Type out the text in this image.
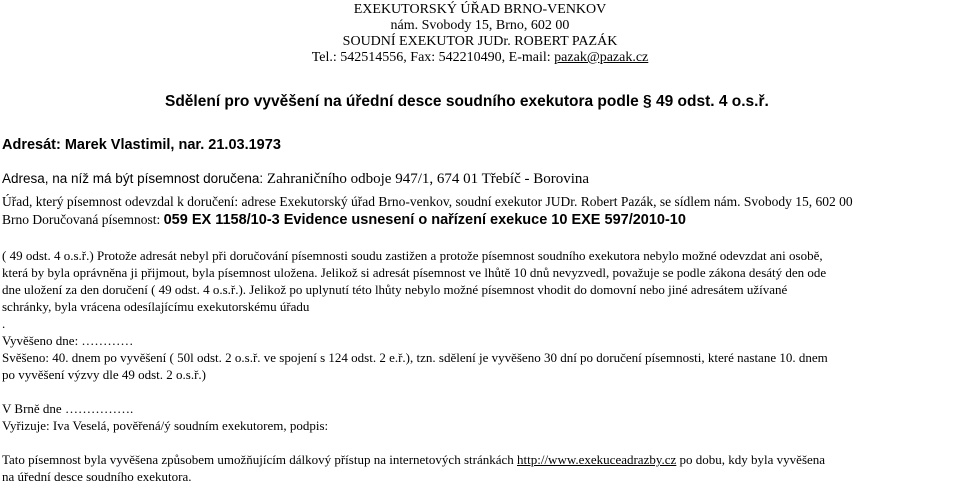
EXEKUTORSKÝ ÚŘAD BRNO-VENKOV
nám. Svobody 15, Brno, 602 00
SOUDNÍ EXEKUTOR JUDr. ROBERT PAZÁK
Tel.: 542514556, Fax: 542210490, E-mail: pazak@pazak.cz
Sdělení pro vyvěšení na úřední desce soudního exekutora podle § 49 odst. 4 o.s.ř.
Adresát: Marek Vlastimil, nar. 21.03.1973
Adresa, na níž má být písemnost doručena: Zahraničního odboje 947/1, 674 01 Třebíč - Borovina
Úřad, který písemnost odevzdal k doručení: adrese Exekutorský úřad Brno-venkov, soudní exekutor JUDr. Robert Pazák, se sídlem nám. Svobody 15, 602 00
Brno Doručovaná písemnost: 059 EX 1158/10-3 Evidence usnesení o nařízení exekuce 10 EXE 597/2010-10
( 49 odst. 4 o.s.ř.) Protože adresát nebyl při doručování písemnosti soudu zastižen a protože písemnost soudního exekutora nebylo možné odevzdat ani osobě,
která by byla oprávněna ji přijmout, byla písemnost uložena. Jelikož si adresát písemnost ve lhůtě 10 dnů nevyzvedl, považuje se podle zákona desátý den ode
dne uložení za den doručení ( 49 odst. 4 o.s.ř.). Jelikož po uplynutí této lhůty nebylo možné písemnost vhodit do domovní nebo jiné adresátem užívané
schránky, byla vrácena odesílajícímu exekutorskému úřadu
.
Vyvěšeno dne: …………
Svěšeno: 40. dnem po vyvěšení ( 50l odst. 2 o.s.ř. ve spojení s 124 odst. 2 e.ř.), tzn. sdělení je vyvěšeno 30 dní po doručení písemnosti, které nastane 10. dnem
po vyvěšení výzvy dle 49 odst. 2 o.s.ř.)
V Brně dne …………….
Vyřizuje: Iva Veselá, pověřená/ý soudním exekutorem, podpis:
Tato písemnost byla vyvěšena způsobem umožňujícím dálkový přístup na internetových stránkách http://www.exekuceadrazby.cz po dobu, kdy byla vyvěšena
na úřední desce soudního exekutora.
